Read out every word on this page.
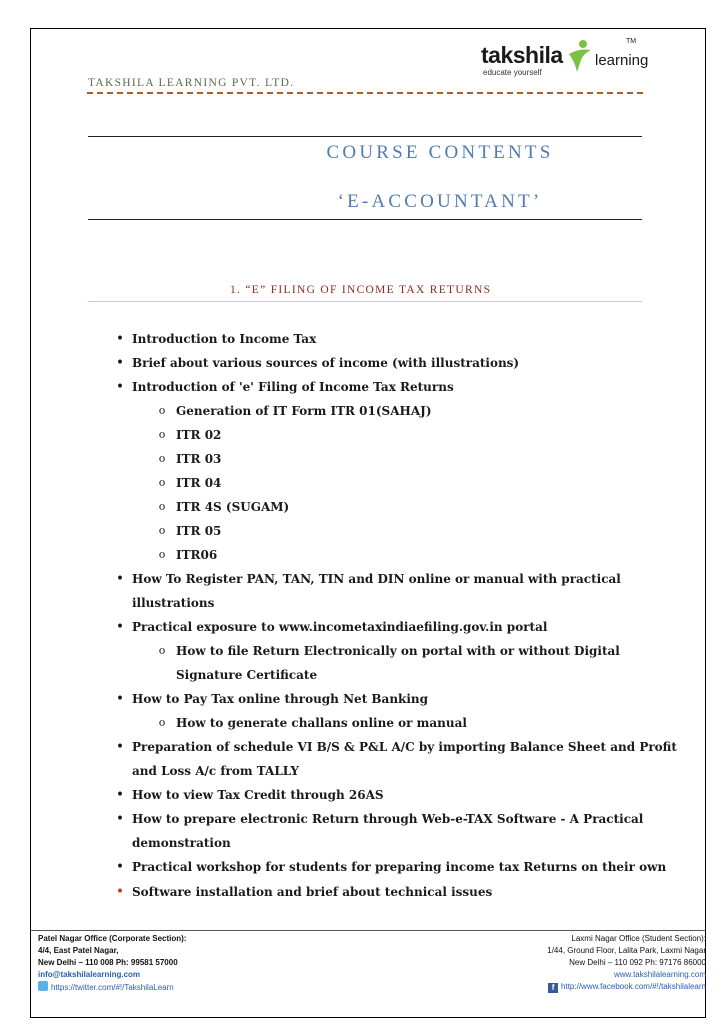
TAKSHILA LEARNING PVT. LTD.
takshila learning
educate yourself
TM
COURSE CONTENTS
‘E-ACCOUNTANT’
1. “E” FILING OF INCOME TAX RETURNS
• Introduction to Income Tax
• Brief about various sources of income (with illustrations)
• Introduction of 'e' Filing of Income Tax Returns
o Generation of IT Form ITR 01(SAHAJ)
o ITR 02
o ITR 03
o ITR 04
o ITR 4S (SUGAM)
o ITR 05
o ITR06
• How To Register PAN, TAN, TIN and DIN online or manual with practical
illustrations
• Practical exposure to www.incometaxindiaefiling.gov.in portal
o How to file Return Electronically on portal with or without Digital
Signature Certificate
• How to Pay Tax online through Net Banking
o How to generate challans online or manual
• Preparation of schedule VI B/S & P&L A/C by importing Balance Sheet and Profit
and Loss A/c from TALLY
• How to view Tax Credit through 26AS
• How to prepare electronic Return through Web-e-TAX Software - A Practical
demonstration
• Practical workshop for students for preparing income tax Returns on their own
• Software installation and brief about technical issues
Patel Nagar Office (Corporate Section):
4/4, East Patel Nagar,
New Delhi – 110 008 Ph: 99581 57000
info@takshilalearning.com
https://twitter.com/#!/TakshilaLearn
Laxmi Nagar Office (Student Section):
1/44, Ground Floor, Lalita Park, Laxmi Nagar
New Delhi – 110 092 Ph: 97176 86000
www.takshilalearning.com
f http://www.facebook.com/#!/takshilalearn
